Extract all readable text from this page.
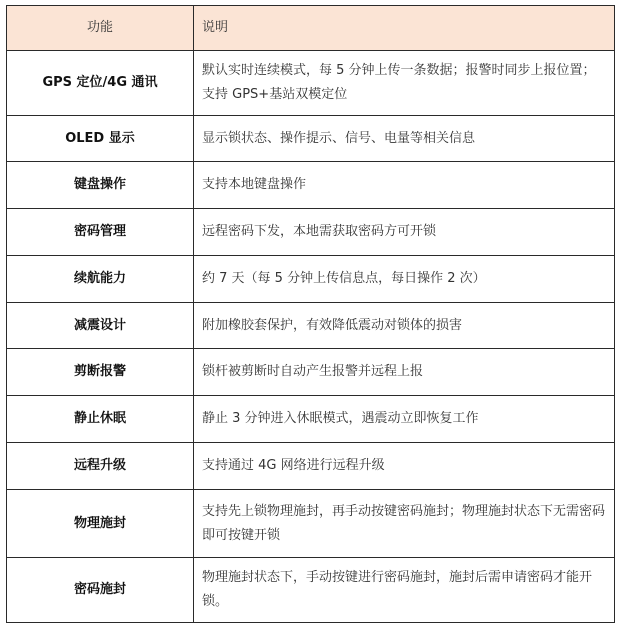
功能	说明
GPS 定位/4G 通讯	默认实时连续模式，每 5 分钟上传一条数据；报警时同步上报位置；支持 GPS+基站双模定位
OLED 显示	显示锁状态、操作提示、信号、电量等相关信息
键盘操作	支持本地键盘操作
密码管理	远程密码下发，本地需获取密码方可开锁
续航能力	约 7 天（每 5 分钟上传信息点，每日操作 2 次）
减震设计	附加橡胶套保护，有效降低震动对锁体的损害
剪断报警	锁杆被剪断时自动产生报警并远程上报
静止休眠	静止 3 分钟进入休眠模式，遇震动立即恢复工作
远程升级	支持通过 4G 网络进行远程升级
物理施封	支持先上锁物理施封，再手动按键密码施封；物理施封状态下无需密码即可按键开锁
密码施封	物理施封状态下，手动按键进行密码施封，施封后需申请密码才能开锁。
